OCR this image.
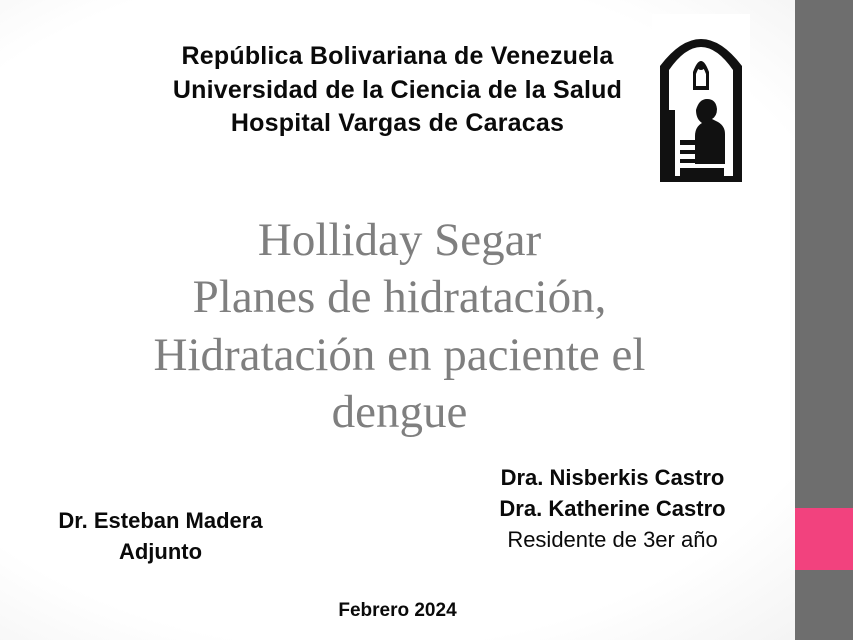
República Bolivariana de Venezuela
Universidad de la Ciencia de la Salud
Hospital Vargas de Caracas
Holliday Segar
Planes de hidratación,
Hidratación en paciente el
dengue
Dra. Nisberkis Castro
Dra. Katherine Castro
Residente de 3er año
Dr. Esteban Madera
Adjunto
Febrero 2024
